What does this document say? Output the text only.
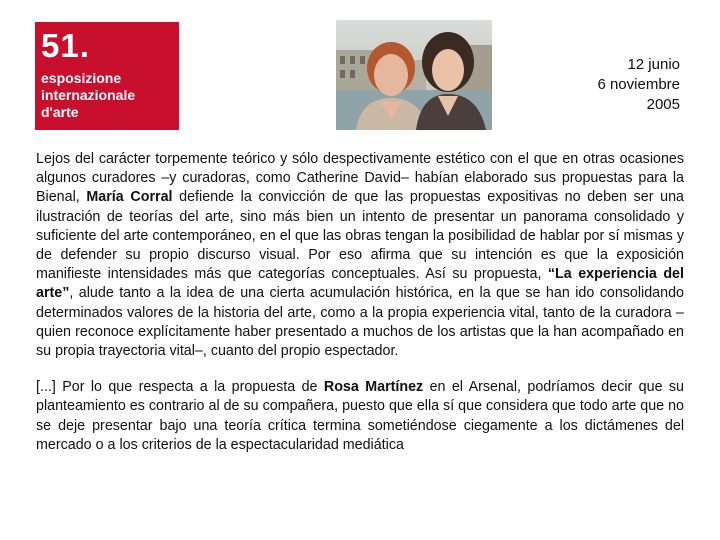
51.
esposizione
internazionale
d'arte
12 junio
6 noviembre
2005

Lejos del carácter torpemente teórico y sólo despectivamente estético con el que en otras ocasiones algunos curadores –y curadoras, como Catherine David– habían elaborado sus propuestas para la Bienal, María Corral defiende la convicción de que las propuestas expositivas no deben ser una ilustración de teorías del arte, sino más bien un intento de presentar un panorama consolidado y suficiente del arte contemporáneo, en el que las obras tengan la posibilidad de hablar por sí mismas y de defender su propio discurso visual. Por eso afirma que su intención es que la exposición manifieste intensidades más que categorías conceptuales. Así su propuesta, “La experiencia del arte”, alude tanto a la idea de una cierta acumulación histórica, en la que se han ido consolidando determinados valores de la historia del arte, como a la propia experiencia vital, tanto de la curadora –quien reconoce explícitamente haber presentado a muchos de los artistas que la han acompañado en su propia trayectoria vital–, cuanto del propio espectador.

[...] Por lo que respecta a la propuesta de Rosa Martínez en el Arsenal, podríamos decir que su planteamiento es contrario al de su compañera, puesto que ella sí que considera que todo arte que no se deje presentar bajo una teoría crítica termina sometiéndose ciegamente a los dictámenes del mercado o a los criterios de la espectacularidad mediática
